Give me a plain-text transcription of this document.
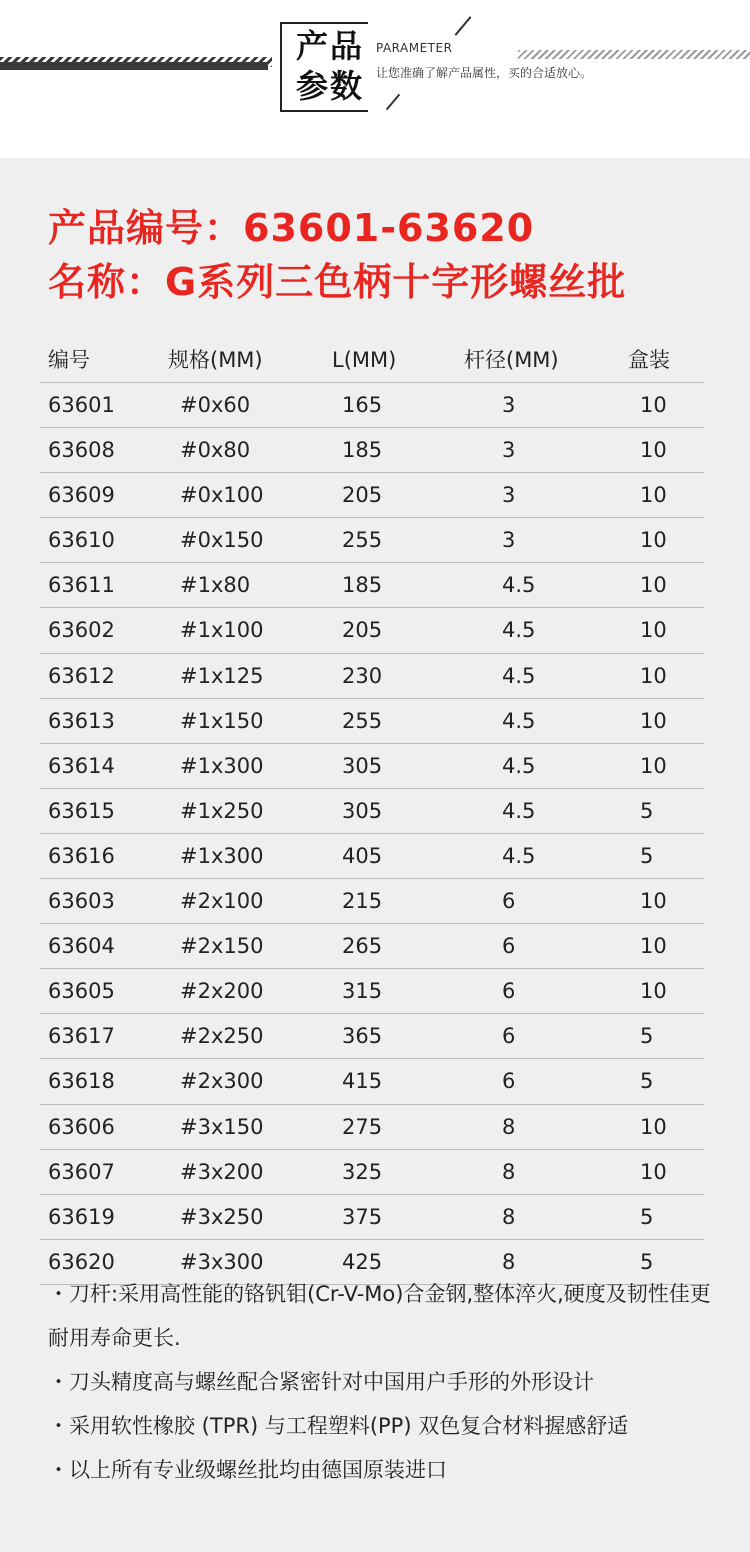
产品
参数
PARAMETER
让您准确了解产品属性，买的合适放心。
产品编号：63601-63620
名称：G系列三色柄十字形螺丝批
编号	规格(MM)	L(MM)	杆径(MM)	盒装
63601	#0x60	165	3	10
63608	#0x80	185	3	10
63609	#0x100	205	3	10
63610	#0x150	255	3	10
63611	#1x80	185	4.5	10
63602	#1x100	205	4.5	10
63612	#1x125	230	4.5	10
63613	#1x150	255	4.5	10
63614	#1x300	305	4.5	10
63615	#1x250	305	4.5	5
63616	#1x300	405	4.5	5
63603	#2x100	215	6	10
63604	#2x150	265	6	10
63605	#2x200	315	6	10
63617	#2x250	365	6	5
63618	#2x300	415	6	5
63606	#3x150	275	8	10
63607	#3x200	325	8	10
63619	#3x250	375	8	5
63620	#3x300	425	8	5

・刀杆:采用高性能的铬钒钼(Cr-V-Mo)合金钢,整体淬火,硬度及韧性佳更耐用寿命更长.

・刀头精度高与螺丝配合紧密针对中国用户手形的外形设计

・采用软性橡胶 (TPR) 与工程塑料(PP) 双色复合材料握感舒适

・以上所有专业级螺丝批均由德国原装进口
